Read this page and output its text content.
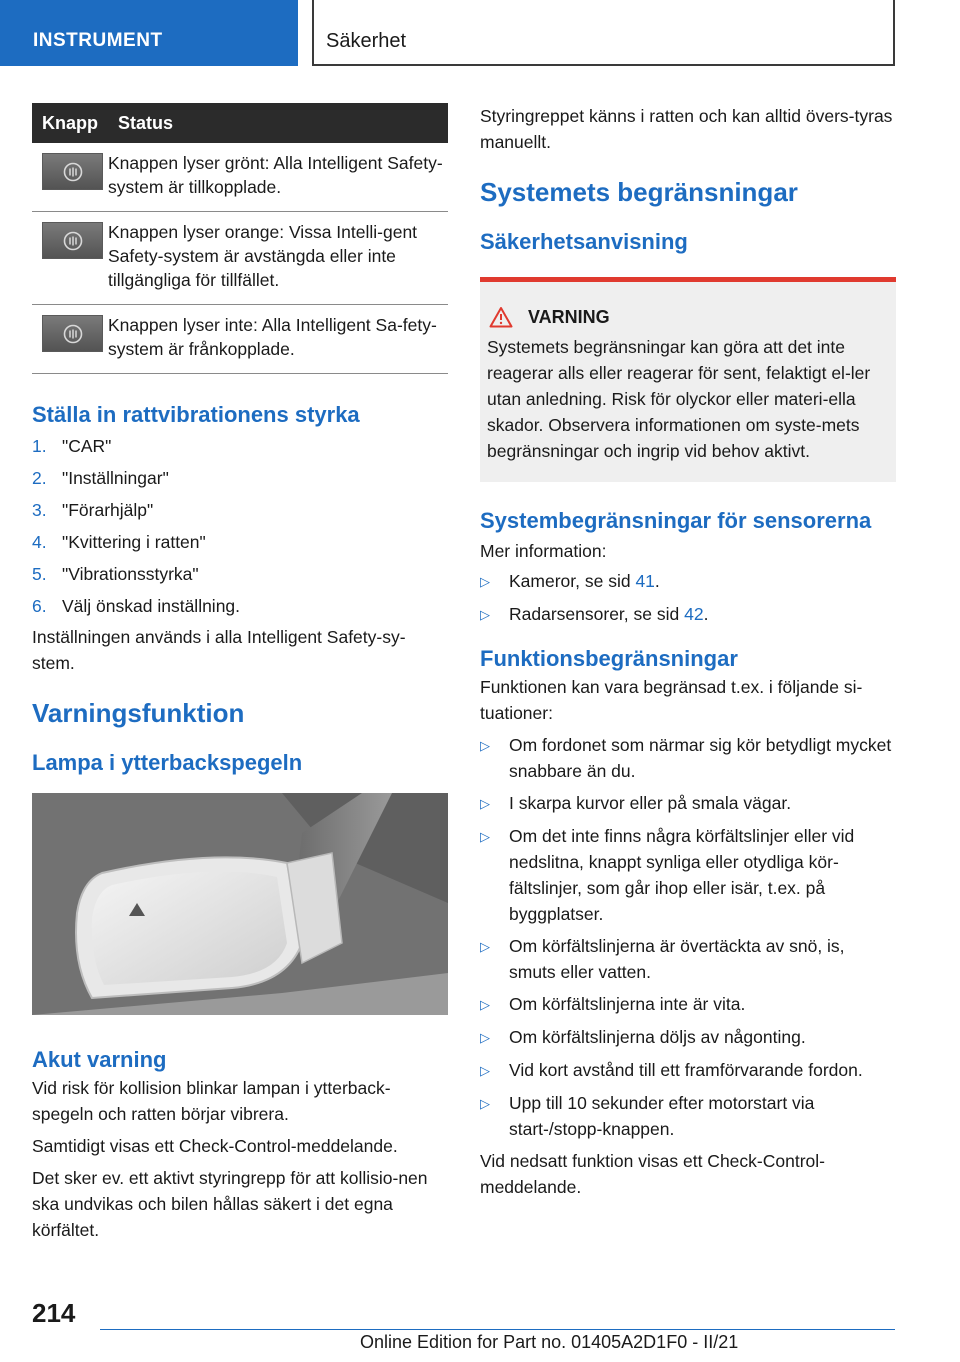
INSTRUMENT	Säkerhet
Knapp	Status

	Knappen lyser grönt: Alla Intelligent Safety-system är tillkopplade.

	Knappen lyser orange: Vissa Intelli-gent Safety-system är avstängda eller inte tillgängliga för tillfället.

	Knappen lyser inte: Alla Intelligent Sa-fety-system är frånkopplade.
Ställa in rattvibrationens styrka
1. "CAR"
2. "Inställningar"
3. "Förarhjälp"
4. "Kvittering i ratten"
5. "Vibrationsstyrka"
6. Välj önskad inställning.

Inställningen används i alla Intelligent Safety-sy-stem.

Varningsfunktion
Lampa i ytterbackspegeln
Akut varning

Vid risk för kollision blinkar lampan i ytterback-spegeln och ratten börjar vibrera.

Samtidigt visas ett Check-Control-meddelande.

Det sker ev. ett aktivt styringrepp för att kollisio-nen ska undvikas och bilen hållas säkert i det egna körfältet.

Styringreppet känns i ratten och kan alltid övers-tyras manuellt.

Systemets begränsningar
Säkerhetsanvisning
VARNING

Systemets begränsningar kan göra att det inte reagerar alls eller reagerar för sent, felaktigt el-ler utan anledning. Risk för olyckor eller materi-ella skador. Observera informationen om syste-mets begränsningar och ingrip vid behov aktivt.

Systembegränsningar för sensorerna

Mer information:

▷	Kameror, se sid 41.
▷	Radarsensorer, se sid 42.
Funktionsbegränsningar

Funktionen kan vara begränsad t.ex. i följande si-tuationer:

▷	Om fordonet som närmar sig kör betydligt mycket snabbare än du.
▷	I skarpa kurvor eller på smala vägar.
▷	Om det inte finns några körfältslinjer eller vid nedslitna, knappt synliga eller otydliga kör-fältslinjer, som går ihop eller isär, t.ex. på byggplatser.
▷	Om körfältslinjerna är övertäckta av snö, is, smuts eller vatten.
▷	Om körfältslinjerna inte är vita.
▷	Om körfältslinjerna döljs av någonting.
▷	Vid kort avstånd till ett framförvarande fordon.
▷	Upp till 10 sekunder efter motorstart via start-/stopp-knappen.

Vid nedsatt funktion visas ett Check-Control-meddelande.

214
Online Edition for Part no. 01405A2D1F0 - II/21
